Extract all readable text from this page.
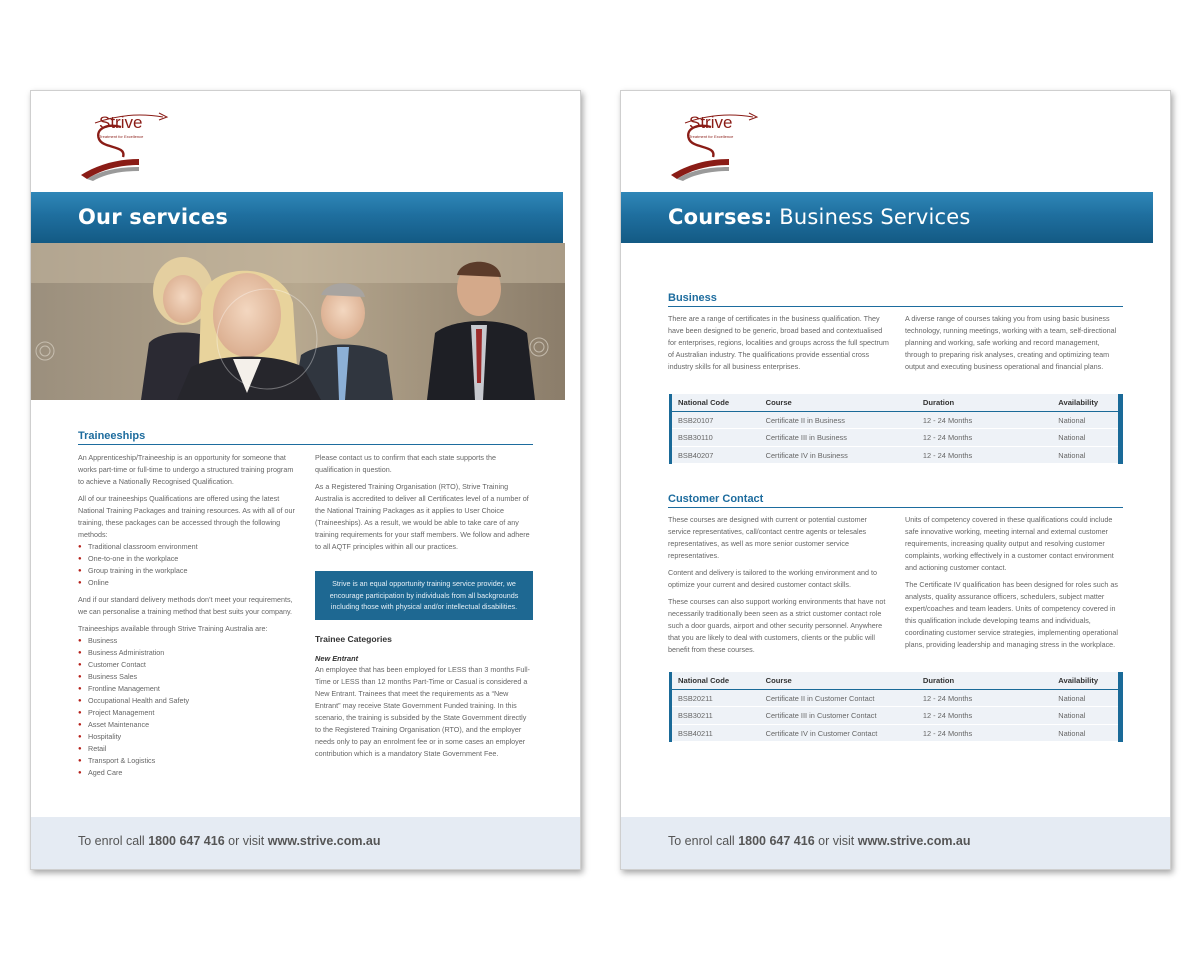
Strive
Treatment for Excellence
Our services
Traineeships

An Apprenticeship/Traineeship is an opportunity for someone that works part-time or full-time to undergo a structured training program to achieve a Nationally Recognised Qualification.

All of our traineeships Qualifications are offered using the latest National Training Packages and training resources. As with all of our training, these packages can be accessed through the following methods:

● Traditional classroom environment
● One-to-one in the workplace
● Group training in the workplace
● Online

And if our standard delivery methods don’t meet your requirements, we can personalise a training method that best suits your company.

Traineeships available through Strive Training Australia are:

● Business
● Business Administration
● Customer Contact
● Business Sales
● Frontline Management
● Occupational Health and Safety
● Project Management
● Asset Maintenance
● Hospitality
● Retail
● Transport & Logistics
● Aged Care

Please contact us to confirm that each state supports the qualification in question.

As a Registered Training Organisation (RTO), Strive Training Australia is accredited to deliver all Certificates level of a number of the National Training Packages as it applies to User Choice (Traineeships). As a result, we would be able to take care of any training requirements for your staff members. We follow and adhere to all AQTF principles within all our practices.

Strive is an equal opportunity training service provider, we encourage participation by individuals from all backgrounds including those with physical and/or intellectual disabilities.
Trainee Categories
New Entrant
An employee that has been employed for LESS than 3 months Full-Time or LESS than 12 months Part-Time or Casual is considered a New Entrant. Trainees that meet the requirements as a “New Entrant” may receive State Government Funded training. In this scenario, the training is subsided by the State Government directly to the Registered Training Organisation (RTO), and the employer needs only to pay an enrolment fee or in some cases an employer contribution which is a mandatory State Government Fee.
To enrol call 1800 647 416 or visit www.strive.com.au
Strive
Treatment for Excellence
Courses: Business Services
Business
There are a range of certificates in the business qualification. They have been designed to be generic, broad based and contextualised for enterprises, regions, localities and groups across the full spectrum of Australian industry. The qualifications provide essential cross industry skills for all business enterprises.
A diverse range of courses taking you from using basic business technology, running meetings, working with a team, self-directional planning and working, safe working and record management, through to preparing risk analyses, creating and optimizing team output and executing business operational and financial plans.
National Code	Course	Duration	Availability
BSB20107	Certificate II in Business	12 - 24 Months	National
BSB30110	Certificate III in Business	12 - 24 Months	National
BSB40207	Certificate IV in Business	12 - 24 Months	National
Customer Contact

These courses are designed with current or potential customer service representatives, call/contact centre agents or telesales representatives, as well as more senior customer service representatives.

Content and delivery is tailored to the working environment and to optimize your current and desired customer contact skills.

These courses can also support working environments that have not necessarily traditionally been seen as a strict customer contact role such a door guards, airport and other security personnel. Anywhere that you are likely to deal with customers, clients or the public will benefit from these courses.

Units of competency covered in these qualifications could include safe innovative working, meeting internal and external customer requirements, increasing quality output and resolving customer complaints, working effectively in a customer contact environment and actioning customer contact.

The Certificate IV qualification has been designed for roles such as analysts, quality assurance officers, schedulers, subject matter expert/coaches and team leaders. Units of competency covered in this qualification include developing teams and individuals, coordinating customer service strategies, implementing operational plans, providing leadership and managing stress in the workplace.

National Code	Course	Duration	Availability
BSB20211	Certificate II in Customer Contact	12 - 24 Months	National
BSB30211	Certificate III in Customer Contact	12 - 24 Months	National
BSB40211	Certificate IV in Customer Contact	12 - 24 Months	National
To enrol call 1800 647 416 or visit www.strive.com.au
